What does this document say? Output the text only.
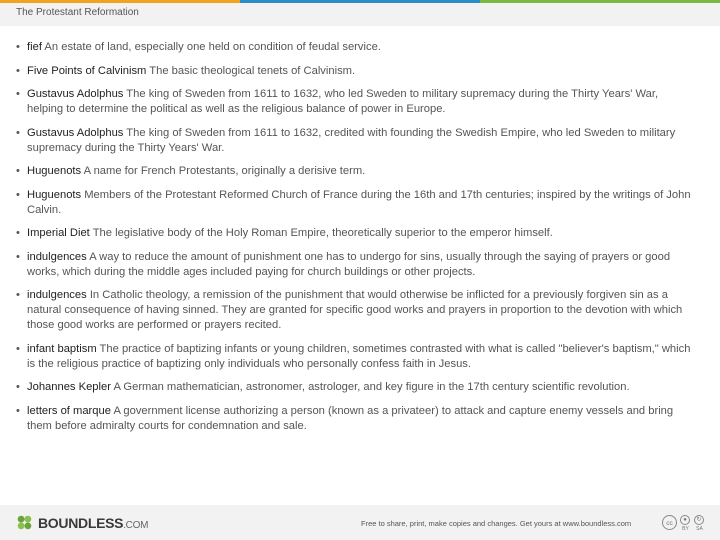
The Protestant Reformation
• fief An estate of land, especially one held on condition of feudal service.
• Five Points of Calvinism The basic theological tenets of Calvinism.
• Gustavus Adolphus The king of Sweden from 1611 to 1632, who led Sweden to military supremacy during the Thirty Years' War, helping to determine the political as well as the religious balance of power in Europe.
• Gustavus Adolphus The king of Sweden from 1611 to 1632, credited with founding the Swedish Empire, who led Sweden to military supremacy during the Thirty Years' War.
• Huguenots A name for French Protestants, originally a derisive term.
• Huguenots Members of the Protestant Reformed Church of France during the 16th and 17th centuries; inspired by the writings of John Calvin.
• Imperial Diet The legislative body of the Holy Roman Empire, theoretically superior to the emperor himself.
• indulgences A way to reduce the amount of punishment one has to undergo for sins, usually through the saying of prayers or good works, which during the middle ages included paying for church buildings or other projects.
• indulgences In Catholic theology, a remission of the punishment that would otherwise be inflicted for a previously forgiven sin as a natural consequence of having sinned. They are granted for specific good works and prayers in proportion to the devotion with which those good works are performed or prayers recited.
• infant baptism The practice of baptizing infants or young children, sometimes contrasted with what is called "believer's baptism," which is the religious practice of baptizing only individuals who personally confess faith in Jesus.
• Johannes Kepler A German mathematician, astronomer, astrologer, and key figure in the 17th century scientific revolution.
• letters of marque A government license authorizing a person (known as a privateer) to attack and capture enemy vessels and bring them before admiralty courts for condemnation and sale.
BOUNDLESS.COM	Free to share, print, make copies and changes. Get yours at www.boundless.com	cc	●
BY
↻
SA
